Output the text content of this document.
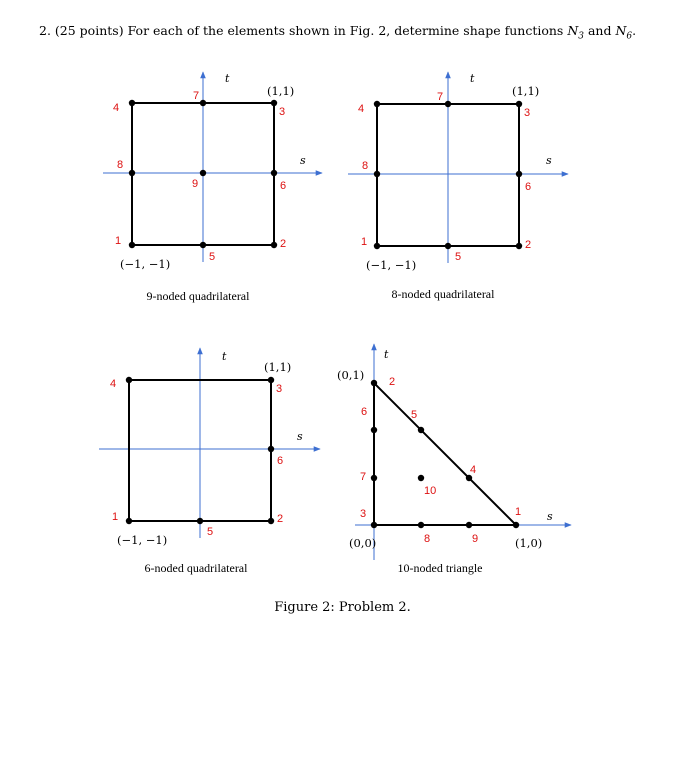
2. (25 points) For each of the elements shown in Fig. 2, determine shape functions $N_3$ and $N_6$.
t
s
1	2
3
4
5
6
7
8
9
(1,1)
(−1, −1)
9-noded quadrilateral
t
s
1	2
3
4
5
6
7
8
(1,1)
(−1, −1)
8-noded quadrilateral
t
s
1	2
3
4
5
6
(1,1)
(−1, −1)
6-noded quadrilateral
t
s
1
2
3
4
5
6
7
8	9
10
(0,1)
(0,0)	(1,0)
10-noded triangle
Figure 2: Problem 2.
